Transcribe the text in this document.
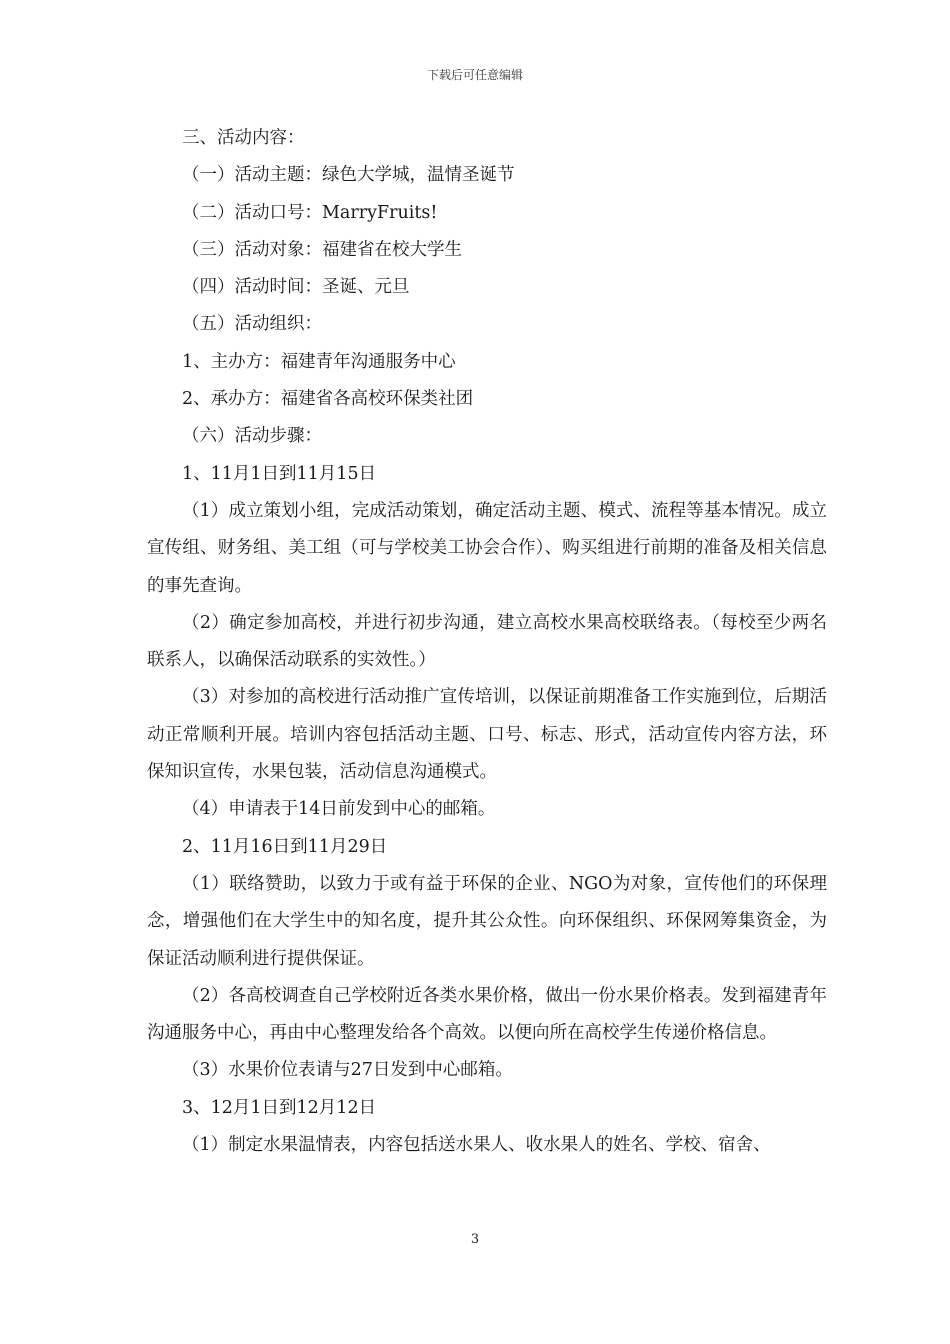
下载后可任意编辑
三、活动内容：
（一）活动主题：绿色大学城，温情圣诞节
（二）活动口号：MarryFruits!
（三）活动对象：福建省在校大学生
（四）活动时间：圣诞、元旦
（五）活动组织：
1、主办方：福建青年沟通服务中心
2、承办方：福建省各高校环保类社团
（六）活动步骤：
1、11月1日到11月15日

（1）成立策划小组，完成活动策划，确定活动主题、模式、流程等基本情况。成立宣传组、财务组、美工组（可与学校美工协会合作）、购买组进行前期的准备及相关信息的事先查询。

（2）确定参加高校，并进行初步沟通，建立高校水果高校联络表。（每校至少两名联系人，以确保活动联系的实效性。）

（3）对参加的高校进行活动推广宣传培训，以保证前期准备工作实施到位，后期活动正常顺利开展。培训内容包括活动主题、口号、标志、形式，活动宣传内容方法，环保知识宣传，水果包装，活动信息沟通模式。

（4）申请表于14日前发到中心的邮箱。
2、11月16日到11月29日

（1）联络赞助，以致力于或有益于环保的企业、NGO为对象，宣传他们的环保理念，增强他们在大学生中的知名度，提升其公众性。向环保组织、环保网筹集资金，为保证活动顺利进行提供保证。

（2）各高校调查自己学校附近各类水果价格，做出一份水果价格表。发到福建青年沟通服务中心，再由中心整理发给各个高效。以便向所在高校学生传递价格信息。

（3）水果价位表请与27日发到中心邮箱。
3、12月1日到12月12日

（1）制定水果温情表，内容包括送水果人、收水果人的姓名、学校、宿舍、

3
